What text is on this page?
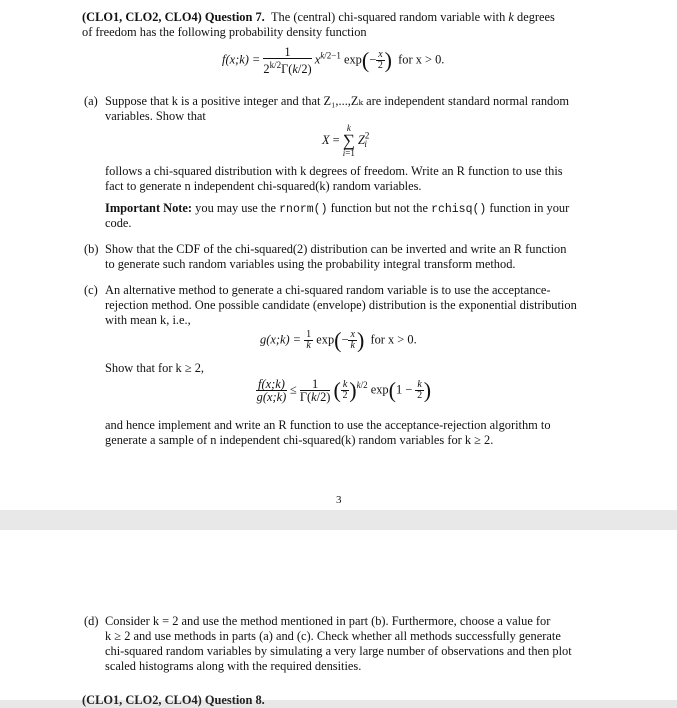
(CLO1, CLO2, CLO4) Question 7. The (central) chi-squared random variable with k degrees
of freedom has the following probability density function
f(x;k) = $\frac{1}{2^{k/2}\Gamma(k/2)} x^{k/2-1}$ $\exp(- \frac{x}{2}$ ) for x > 0.
(a) Suppose that k is a positive integer and that Z₁,...,Zₖ are independent standard normal random
variables. Show that
X =
k
∑
i=1
$Z^2_i$
follows a chi-squared distribution with k degrees of freedom. Write an R function to use this
fact to generate n independent chi-squared(k) random variables.
Important Note: you may use the rnorm() function but not the rchisq() function in your
code.
(b) Show that the CDF of the chi-squared(2) distribution can be inverted and write an R function
to generate such random variables using the probability integral transform method.
(c) An alternative method to generate a chi-squared random variable is to use the acceptance-
rejection method. One possible candidate (envelope) distribution is the exponential distribution
with mean k, i.e.,
g(x;k) = $\frac{1}{k} \exp(- \frac{x}{k}$ ) for x > 0.
Show that for k ≥ 2,
$\frac{f(x;k)}{g(x;k)} \le \frac{1}{\Gamma(k/2)}$ ( $\frac{k}{2} )^{k/2}$ $\exp(1 - \frac{k}{2}$ )
and hence implement and write an R function to use the acceptance-rejection algorithm to
generate a sample of n independent chi-squared(k) random variables for k ≥ 2.
3
(d) Consider k = 2 and use the method mentioned in part (b). Furthermore, choose a value for
k ≥ 2 and use methods in parts (a) and (c). Check whether all methods successfully generate
chi-squared random variables by simulating a very large number of observations and then plot
scaled histograms along with the required densities.
(CLO1, CLO2, CLO4) Question 8.
